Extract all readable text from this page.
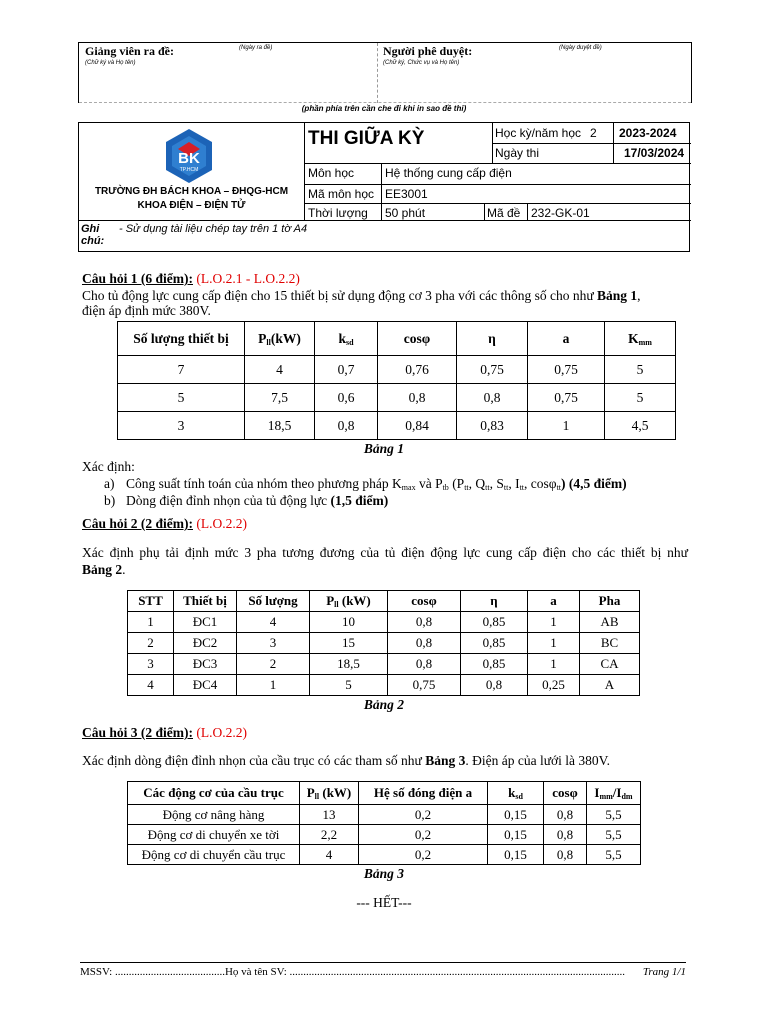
Giảng viên ra đề:	(Ngày ra đề)
(Chữ ký và Họ tên)
Người phê duyệt:	(Ngày duyệt đề)
(Chữ ký, Chức vụ và Họ tên)
(phần phía trên cần che đi khi in sao đề thi)
BK
TP.HCM
TRƯỜNG ĐH BÁCH KHOA – ĐHQG-HCM
KHOA ĐIỆN – ĐIỆN TỬ
THI GIỮA KỲ	Học kỳ/năm học 2 2023-2024
Ngày thi	17/03/2024
Môn học	Hệ thống cung cấp điện
Mã môn học EE3001
Thời lượng 50 phút	Mã đề 232-GK-01
Ghi chú:
- Sử dụng tài liệu chép tay trên 1 tờ A4
Câu hỏi 1 (6 điểm): (L.O.2.1 - L.O.2.2)
Cho tủ động lực cung cấp điện cho 15 thiết bị sử dụng động cơ 3 pha với các thông số cho như Bảng 1,
điện áp định mức 380V.
Số lượng thiết bị	$P_{ll}(kW)$	$k_{sd}$	cosφ	η	a	$K_{mm}$
7	4	0,7	0,76	0,75	0,75	5
5	7,5	0,6	0,8	0,8	0,75	5
3	18,5	0,8	0,84	0,83	1	4,5
Bảng 1
Xác định:
a) Công suất tính toán của nhóm theo phương pháp $K_{max}$ và $P_{tb}$ ($P_{tt}$, $Q_{tt}$, $S_{tt}$, $I_{tt}$, cosφ$_{tt}$) (4,5 điểm)
b) Dòng điện đỉnh nhọn của tủ động lực (1,5 điểm)
Câu hỏi 2 (2 điểm): (L.O.2.2)
Xác định phụ tải định mức 3 pha tương đương của tủ điện động lực cung cấp điện cho các thiết bị như
Bảng 2.
STT	Thiết bị	Số lượng	$P_{ll}$ (kW)	cosφ	η	a	Pha
1	ĐC1	4	10	0,8	0,85	1	AB
2	ĐC2	3	15	0,8	0,85	1	BC
3	ĐC3	2	18,5	0,8	0,85	1	CA
4	ĐC4	1	5	0,75	0,8	0,25	A
Bảng 2
Câu hỏi 3 (2 điểm): (L.O.2.2)
Xác định dòng điện đỉnh nhọn của cầu trục có các tham số như Bảng 3. Điện áp của lưới là 380V.
Các động cơ của cầu trục	$P_{ll}$ (kW)	Hệ số đóng điện a	$k_{sd}$	cosφ	$I_{mm}/I_{dm}$
Động cơ nâng hàng	13	0,2	0,15	0,8	5,5
Động cơ di chuyển xe tời	2,2	0,2	0,15	0,8	5,5
Động cơ di chuyển cầu trục	4	0,2	0,15	0,8	5,5
Bảng 3
--- HẾT---
MSSV: ........................................Họ và tên SV: ..........................................................................................................................	Trang 1/1
